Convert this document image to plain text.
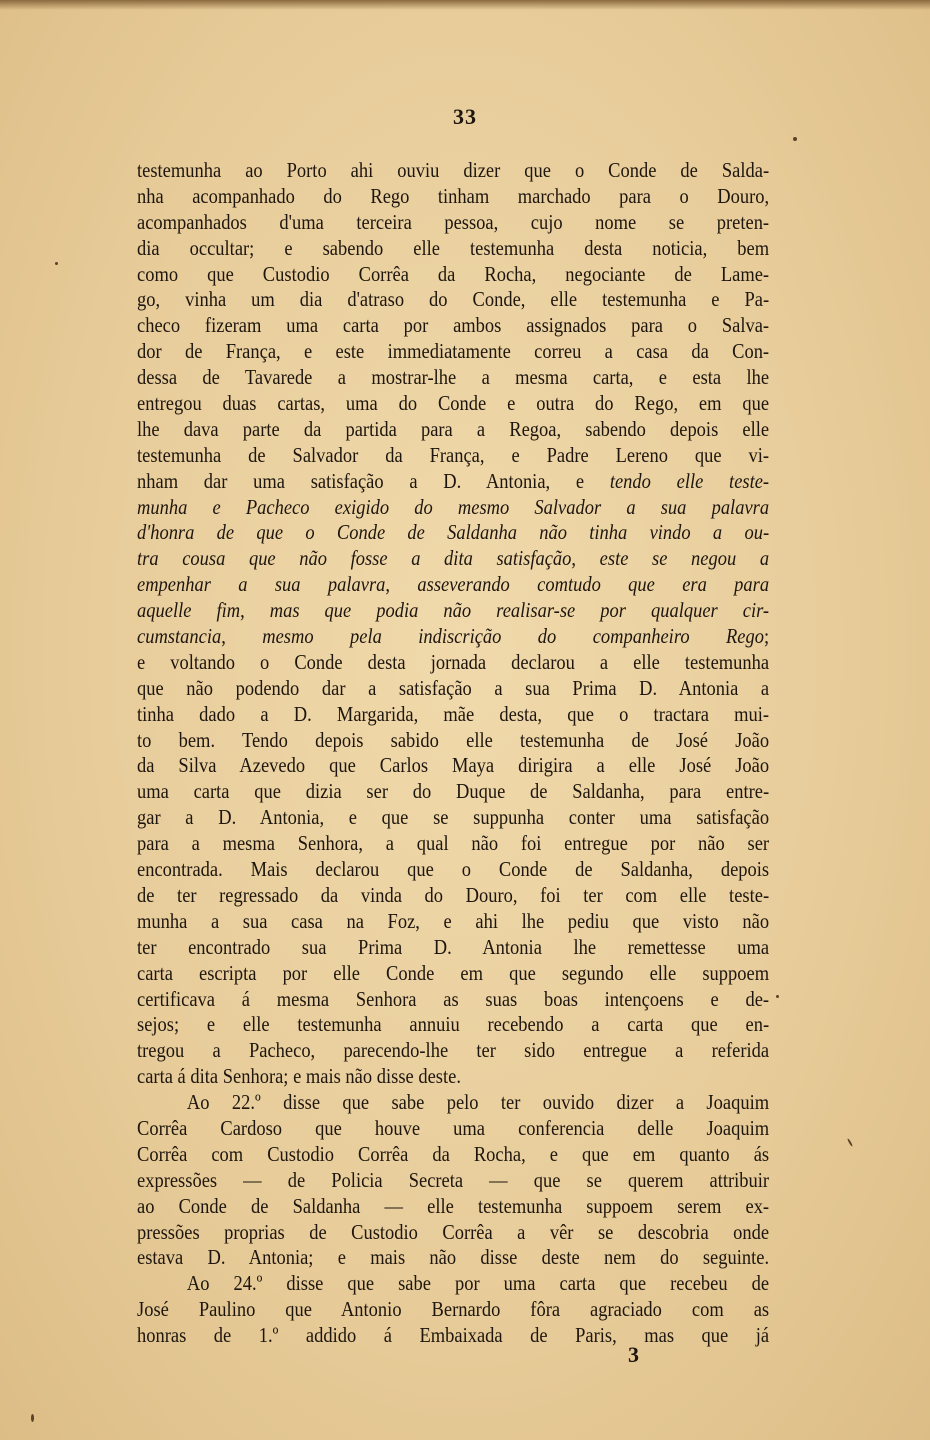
33
testemunha ao Porto ahi ouviu dizer que o Conde de Salda-
nha acompanhado do Rego tinham marchado para o Douro,
acompanhados d'uma terceira pessoa, cujo nome se preten-
dia occultar; e sabendo elle testemunha desta noticia, bem
como que Custodio Corrêa da Rocha, negociante de Lame-
go, vinha um dia d'atraso do Conde, elle testemunha e Pa-
checo fizeram uma carta por ambos assignados para o Salva-
dor de França, e este immediatamente correu a casa da Con-
dessa de Tavarede a mostrar-lhe a mesma carta, e esta lhe
entregou duas cartas, uma do Conde e outra do Rego, em que
lhe dava parte da partida para a Regoa, sabendo depois elle
testemunha de Salvador da França, e Padre Lereno que vi-
nham dar uma satisfação a D. Antonia, e tendo elle teste-
munha e Pacheco exigido do mesmo Salvador a sua palavra
d'honra de que o Conde de Saldanha não tinha vindo a ou-
tra cousa que não fosse a dita satisfação, este se negou a
empenhar a sua palavra, asseverando comtudo que era para
aquelle fim, mas que podia não realisar-se por qualquer cir-
cumstancia, mesmo pela indiscrição do companheiro Rego;
e voltando o Conde desta jornada declarou a elle testemunha
que não podendo dar a satisfação a sua Prima D. Antonia a
tinha dado a D. Margarida, mãe desta, que o tractara mui-
to bem. Tendo depois sabido elle testemunha de José João
da Silva Azevedo que Carlos Maya dirigira a elle José João
uma carta que dizia ser do Duque de Saldanha, para entre-
gar a D. Antonia, e que se suppunha conter uma satisfação
para a mesma Senhora, a qual não foi entregue por não ser
encontrada. Mais declarou que o Conde de Saldanha, depois
de ter regressado da vinda do Douro, foi ter com elle teste-
munha a sua casa na Foz, e ahi lhe pediu que visto não
ter encontrado sua Prima D. Antonia lhe remettesse uma
carta escripta por elle Conde em que segundo elle suppoem
certificava á mesma Senhora as suas boas intençoens e de-
sejos; e elle testemunha annuiu recebendo a carta que en-
tregou a Pacheco, parecendo-lhe ter sido entregue a referida
carta á dita Senhora; e mais não disse deste.
Ao 22.º disse que sabe pelo ter ouvido dizer a Joaquim
Corrêa Cardoso que houve uma conferencia delle Joaquim
Corrêa com Custodio Corrêa da Rocha, e que em quanto ás
expressões — de Policia Secreta — que se querem attribuir
ao Conde de Saldanha — elle testemunha suppoem serem ex-
pressões proprias de Custodio Corrêa a vêr se descobria onde
estava D. Antonia; e mais não disse deste nem do seguinte.
Ao 24.º disse que sabe por uma carta que recebeu de
José Paulino que Antonio Bernardo fôra agraciado com as
honras de 1.º addido á Embaixada de Paris, mas que já
3
